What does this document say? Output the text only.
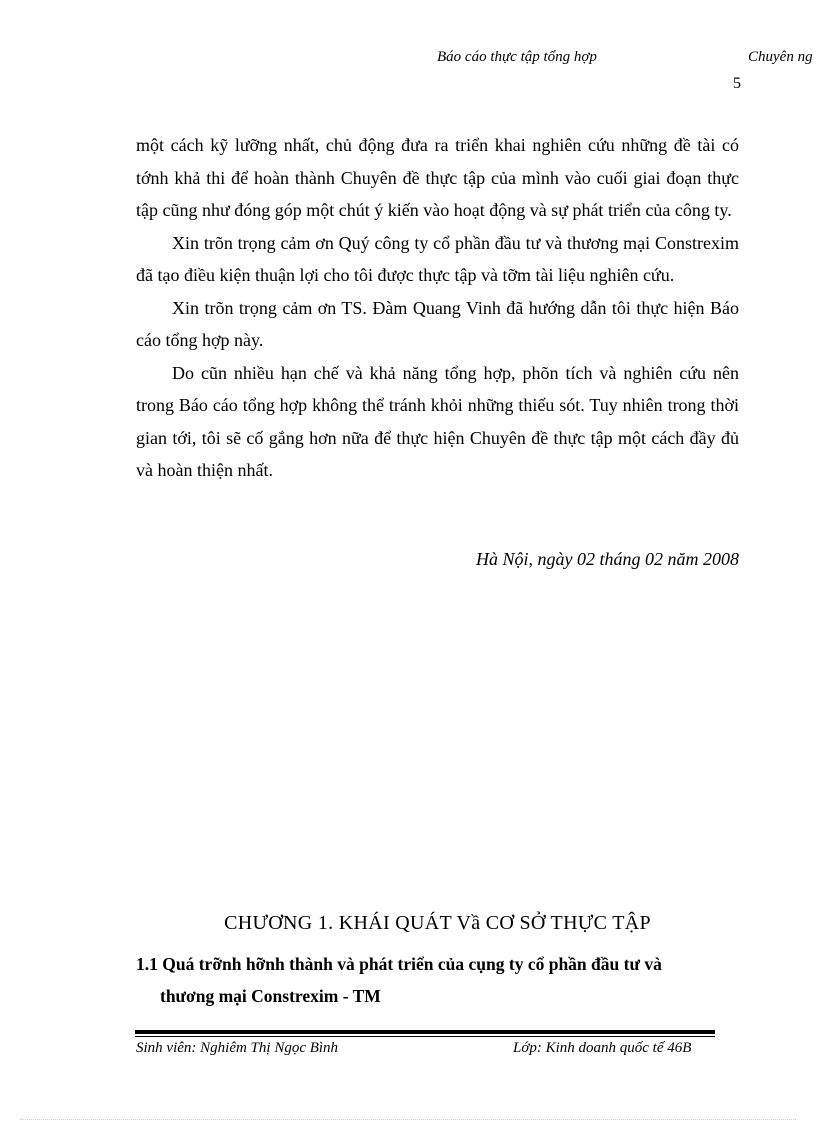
Báo cáo thực tập tổng hợp	Chuyên ng
5

một cách kỹ lưỡng nhất, chủ động đưa ra triển khai nghiên cứu những đề tài có tớnh khả thi để hoàn thành Chuyên đề thực tập của mình vào cuối giai đoạn thực tập cũng như đóng góp một chút ý kiến vào hoạt động và sự phát triển của công ty.

Xin trõn trọng cảm ơn Quý công ty cổ phần đầu tư và thương mại Constrexim đã tạo điều kiện thuận lợi cho tôi được thực tập và tỡm tài liệu nghiên cứu.

Xin trõn trọng cảm ơn TS. Đàm Quang Vinh đã hướng dẫn tôi thực hiện Báo cáo tổng hợp này.

Do cũn nhiều hạn chế và khả năng tổng hợp, phõn tích và nghiên cứu nên trong Báo cáo tổng hợp không thể tránh khỏi những thiếu sót. Tuy nhiên trong thời gian tới, tôi sẽ cố gắng hơn nữa để thực hiện Chuyên đề thực tập một cách đầy đủ và hoàn thiện nhất.

Hà Nội, ngày 02 tháng 02 năm 2008
CHƯƠNG 1. KHÁI QUÁT Vầ CƠ SỞ THỰC TẬP
1.1 Quá trỡnh hỡnh thành và phát triển của cụng ty cổ phần đầu tư và
thương mại Constrexim - TM
Sinh viên: Nghiêm Thị Ngọc Bình	Lớp: Kinh doanh quốc tế 46B
